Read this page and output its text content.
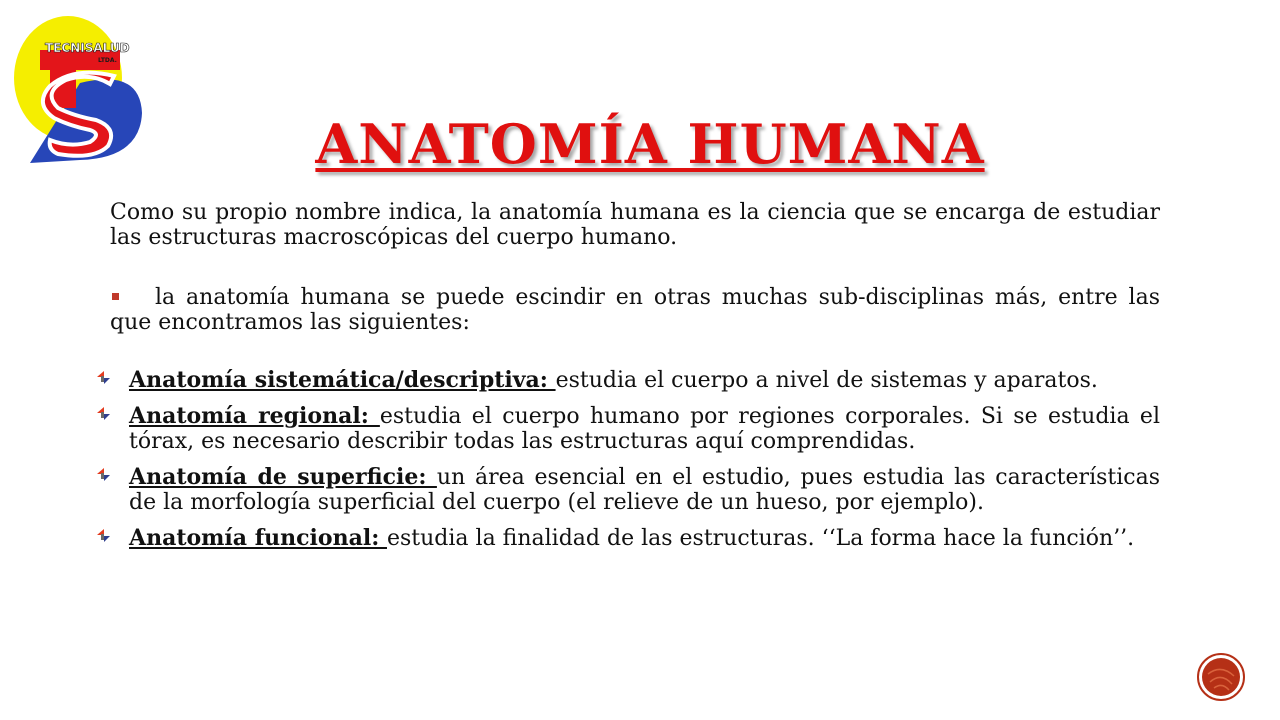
TECNISALUD
LTDA.
ANATOMÍA HUMANA
Como su propio nombre indica, la anatomía humana es la ciencia que se encarga de estudiar las estructuras macroscópicas del cuerpo humano.
la anatomía humana se puede escindir en otras muchas sub-disciplinas más, entre las que encontramos las siguientes:
Anatomía sistemática/descriptiva: estudia el cuerpo a nivel de sistemas y aparatos.
Anatomía regional: estudia el cuerpo humano por regiones corporales. Si se estudia el tórax, es necesario describir todas las estructuras aquí comprendidas.
Anatomía de superficie: un área esencial en el estudio, pues estudia las características de la morfología superficial del cuerpo (el relieve de un hueso, por ejemplo).
Anatomía funcional: estudia la finalidad de las estructuras. ‘‘La forma hace la función’’.
